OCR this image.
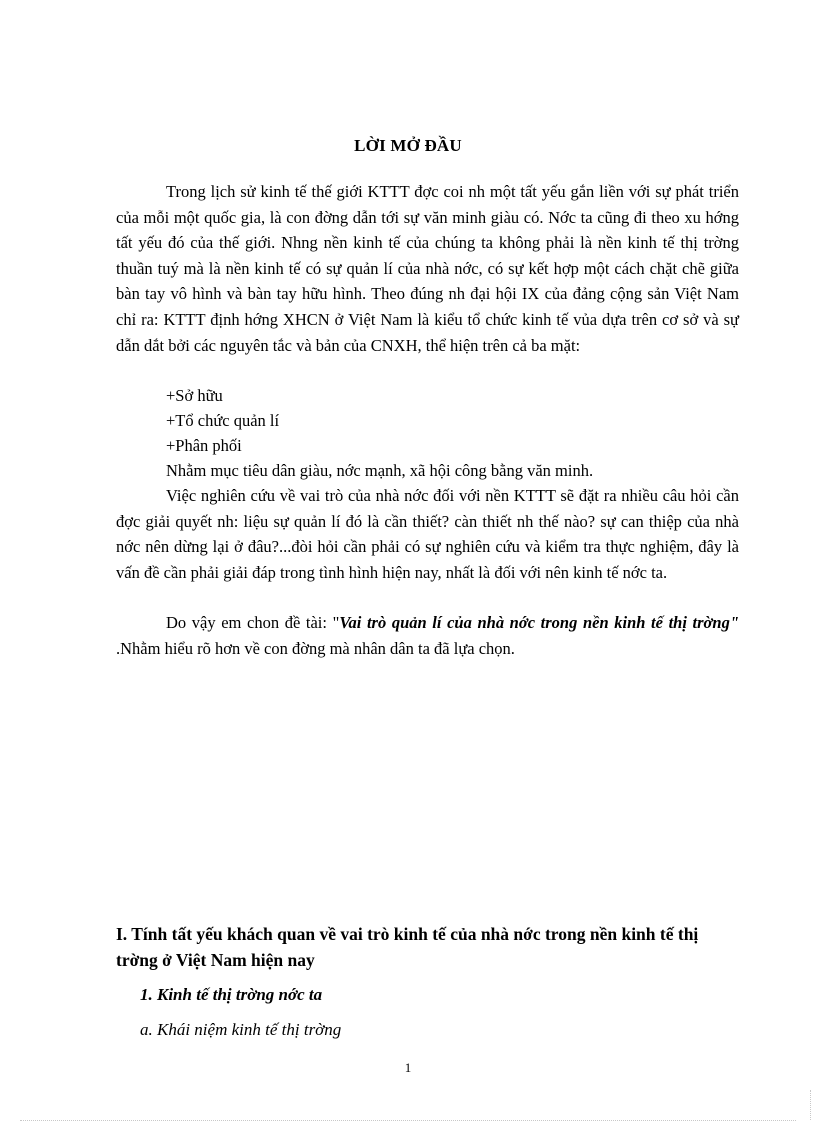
LỜI MỞ ĐẦU
Trong lịch sử kinh tế thế giới KTTT đợc coi nh một tất yếu gắn liền với sự phát triển của mỗi một quốc gia, là con đờng dẫn tới sự văn minh giàu có. Nớc ta cũng đi theo xu hớng tất yếu đó của thế giới. Nhng nền kinh tế của chúng ta không phải là nền kinh tế thị trờng thuần tuý mà là nền kinh tế có sự quản lí của nhà nớc, có sự kết hợp một cách chặt chẽ giữa bàn tay vô hình và bàn tay hữu hình. Theo đúng nh đại hội IX của đảng cộng sản Việt Nam chỉ ra: KTTT định hớng XHCN ở Việt Nam là kiểu tổ chức kinh tế vủa dựa trên cơ sở và sự dẫn dắt bởi các nguyên tắc và bản của CNXH, thể hiện trên cả ba mặt:
+Sở hữu
+Tổ chức quản lí
+Phân phối
Nhằm mục tiêu dân giàu, nớc mạnh, xã hội công bằng văn minh.
Việc nghiên cứu về vai trò của nhà nớc đối với nền KTTT sẽ đặt ra nhiều câu hỏi cần đợc giải quyết nh: liệu sự quản lí đó là cần thiết? càn thiết nh thế nào? sự can thiệp của nhà nớc nên dừng lại ở đâu?...đòi hỏi cần phải có sự nghiên cứu và kiểm tra thực nghiệm, đây là vấn đề cần phải giải đáp trong tình hình hiện nay, nhất là đối với nên kinh tế nớc ta.
Do vậy em chon đề tài: "Vai trò quản lí của nhà nớc trong nền kinh tế thị trờng" .Nhằm hiểu rõ hơn về con đờng mà nhân dân ta đã lựa chọn.
I. Tính tất yếu khách quan về vai trò kinh tế của nhà nớc trong nền kinh tế thị trờng ở Việt Nam hiện nay
1. Kinh tế thị trờng nớc ta
a. Khái niệm kinh tế thị trờng
1
